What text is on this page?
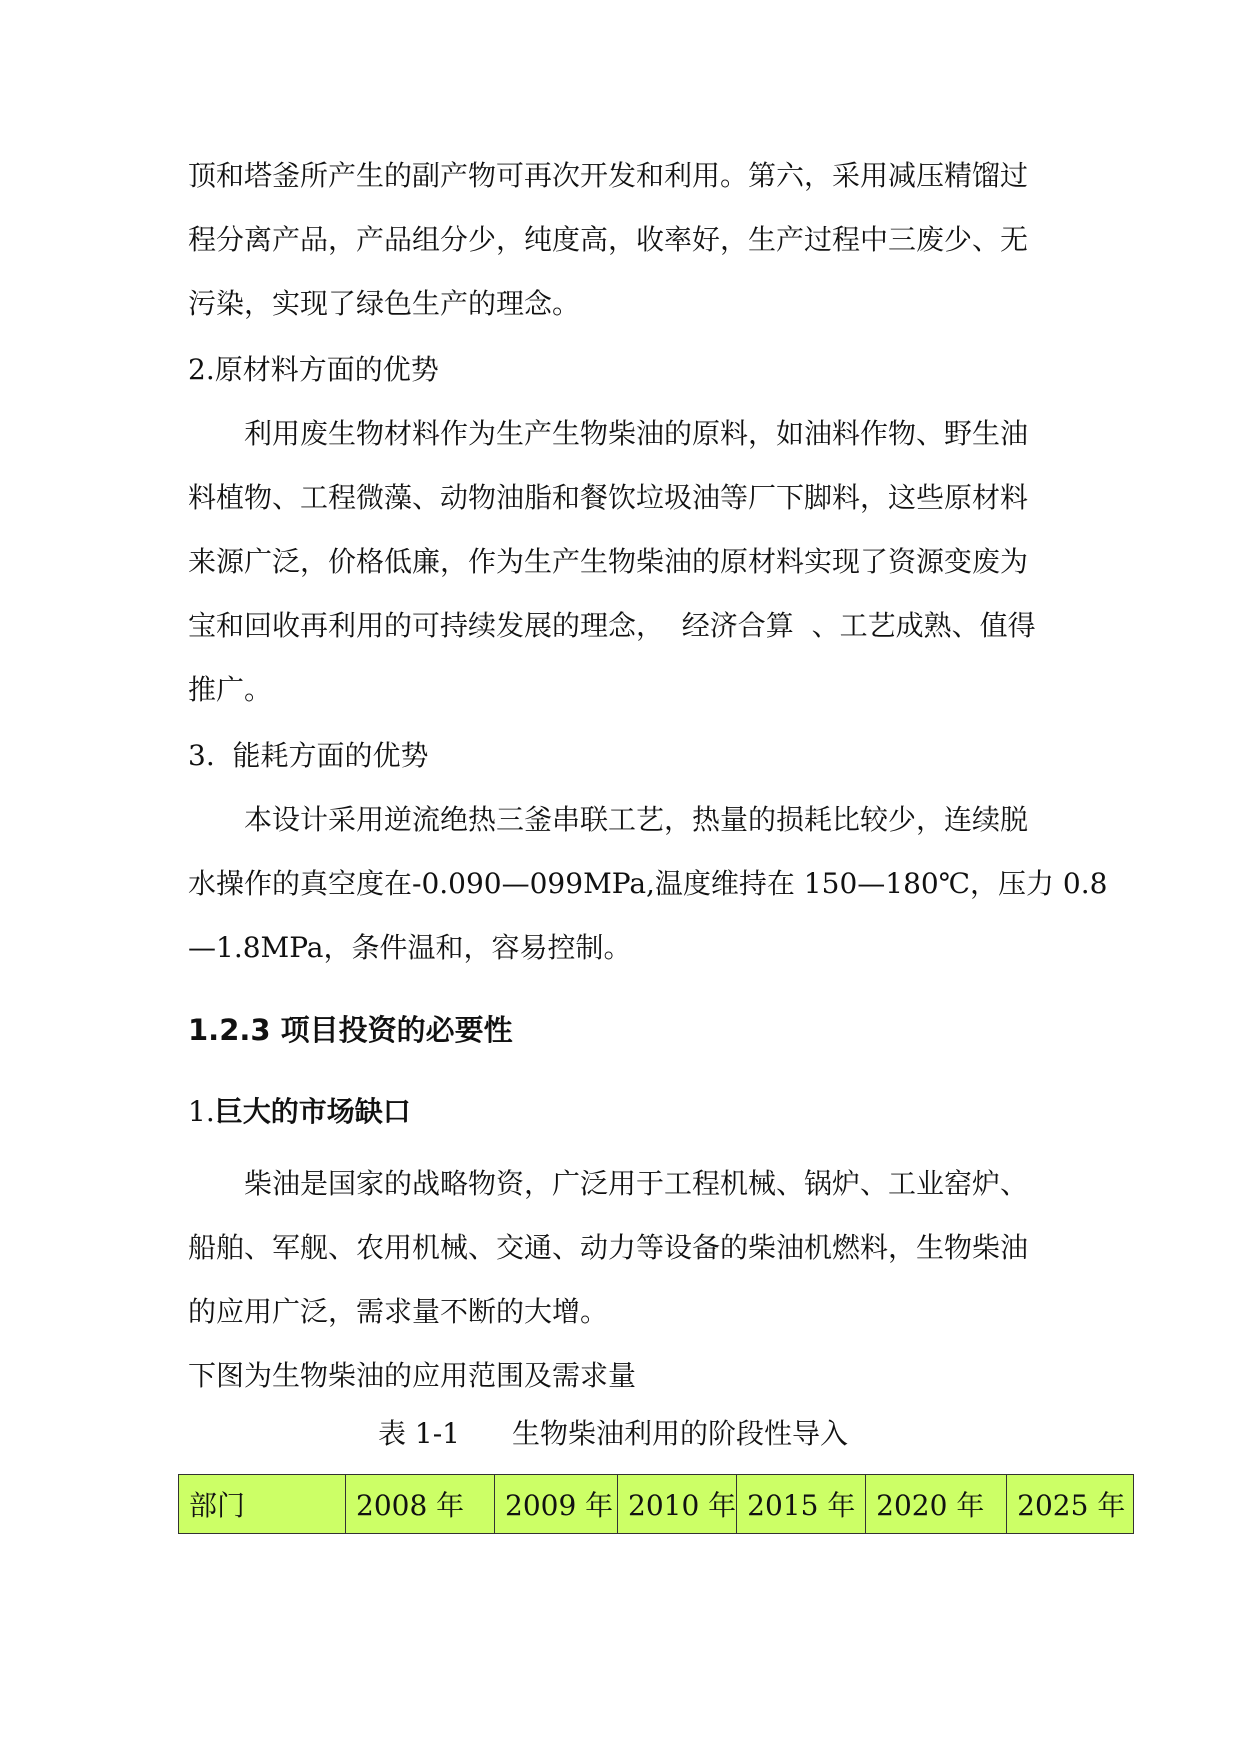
顶和塔釜所产生的副产物可再次开发和利用。第六，采用减压精馏过
程分离产品，产品组分少，纯度高，收率好，生产过程中三废少、无
污染，实现了绿色生产的理念。
2.原材料方面的优势
利用废生物材料作为生产生物柴油的原料，如油料作物、野生油
料植物、工程微藻、动物油脂和餐饮垃圾油等厂下脚料，这些原材料
来源广泛，价格低廉，作为生产生物柴油的原材料实现了资源变废为
宝和回收再利用的可持续发展的理念，  经济合算  、工艺成熟、值得
推广。
3.  能耗方面的优势
本设计采用逆流绝热三釜串联工艺，热量的损耗比较少，连续脱
水操作的真空度在-0.090—099MPa,温度维持在 150—180℃，压力 0.8
—1.8MPa，条件温和，容易控制。
1.2.3 项目投资的必要性
1.巨大的市场缺口
柴油是国家的战略物资，广泛用于工程机械、锅炉、工业窑炉、
船舶、军舰、农用机械、交通、动力等设备的柴油机燃料，生物柴油
的应用广泛，需求量不断的大增。
下图为生物柴油的应用范围及需求量
表 1-1 生物柴油利用的阶段性导入
部门	2008 年	2009 年	2010 年	2015 年	2020 年	2025 年
